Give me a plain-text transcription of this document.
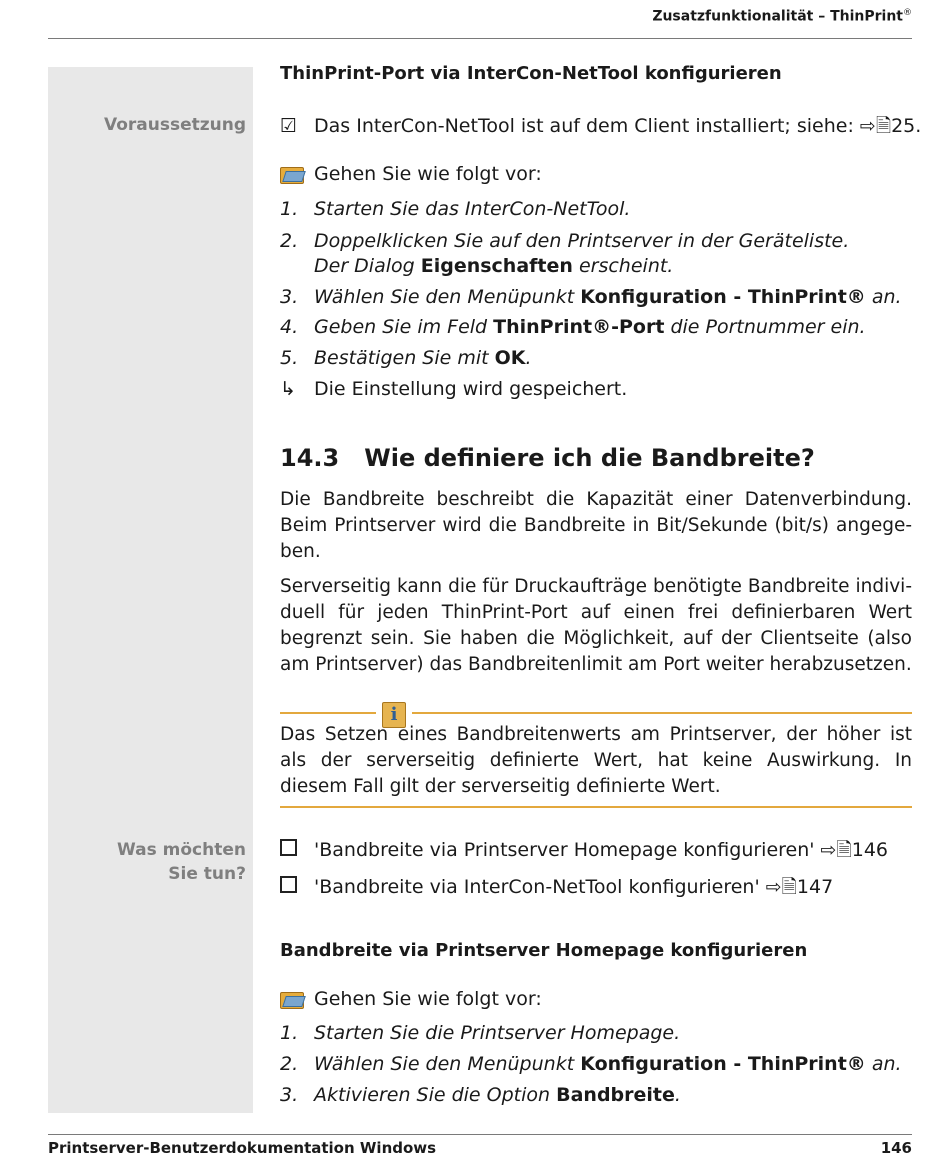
Zusatzfunktionalität – ThinPrint®
Voraussetzung
Was möchten
Sie tun?
ThinPrint-Port via InterCon-NetTool konfigurieren
☑ Das InterCon-NetTool ist auf dem Client installiert; siehe: ⇨🗎25.
Gehen Sie wie folgt vor:
1. Starten Sie das InterCon-NetTool.
2. Doppelklicken Sie auf den Printserver in der Geräteliste.
Der Dialog Eigenschaften erscheint.
3. Wählen Sie den Menüpunkt Konfiguration - ThinPrint® an.
4. Geben Sie im Feld ThinPrint®-Port die Portnummer ein.
5. Bestätigen Sie mit OK.
↳ Die Einstellung wird gespeichert.
14.3   Wie definiere ich die Bandbreite?
Die Bandbreite beschreibt die Kapazität einer Datenverbindung. Beim Printserver wird die Bandbreite in Bit/Sekunde (bit/s) angege-ben.
Serverseitig kann die für Druckaufträge benötigte Bandbreite indivi-duell für jeden ThinPrint-Port auf einen frei definierbaren Wert begrenzt sein. Sie haben die Möglichkeit, auf der Clientseite (also am Printserver) das Bandbreitenlimit am Port weiter herabzusetzen.
i
Das Setzen eines Bandbreitenwerts am Printserver, der höher ist als der serverseitig definierte Wert, hat keine Auswirkung. In diesem Fall gilt der serverseitig definierte Wert.
'Bandbreite via Printserver Homepage konfigurieren' ⇨🗎146
'Bandbreite via InterCon-NetTool konfigurieren' ⇨🗎147
Bandbreite via Printserver Homepage konfigurieren
Gehen Sie wie folgt vor:
1. Starten Sie die Printserver Homepage.
2. Wählen Sie den Menüpunkt Konfiguration - ThinPrint® an.
3. Aktivieren Sie die Option Bandbreite.
Printserver-Benutzerdokumentation Windows	146
